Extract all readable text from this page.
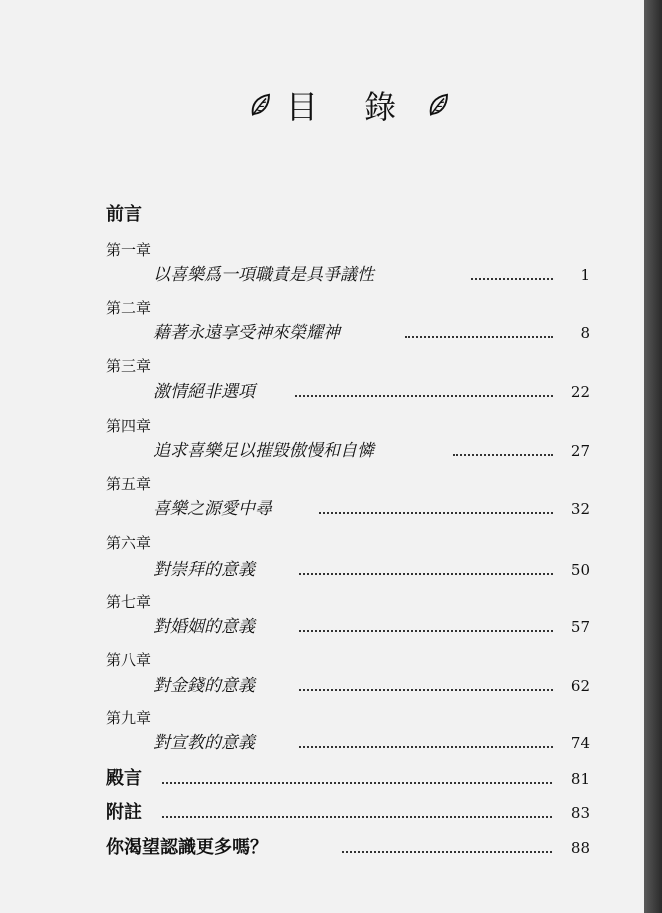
目 錄
前言
第一章
以喜樂爲一項職責是具爭議性	1
第二章
藉著永遠享受神來榮耀神	8
第三章
激情絕非選項	22
第四章
追求喜樂足以摧毀傲慢和自憐	27
第五章
喜樂之源愛中尋	32
第六章
對崇拜的意義	50
第七章
對婚姻的意義	57
第八章
對金錢的意義	62
第九章
對宣教的意義	74
殿言	81
附註	83
你渴望認識更多嗎？	88
